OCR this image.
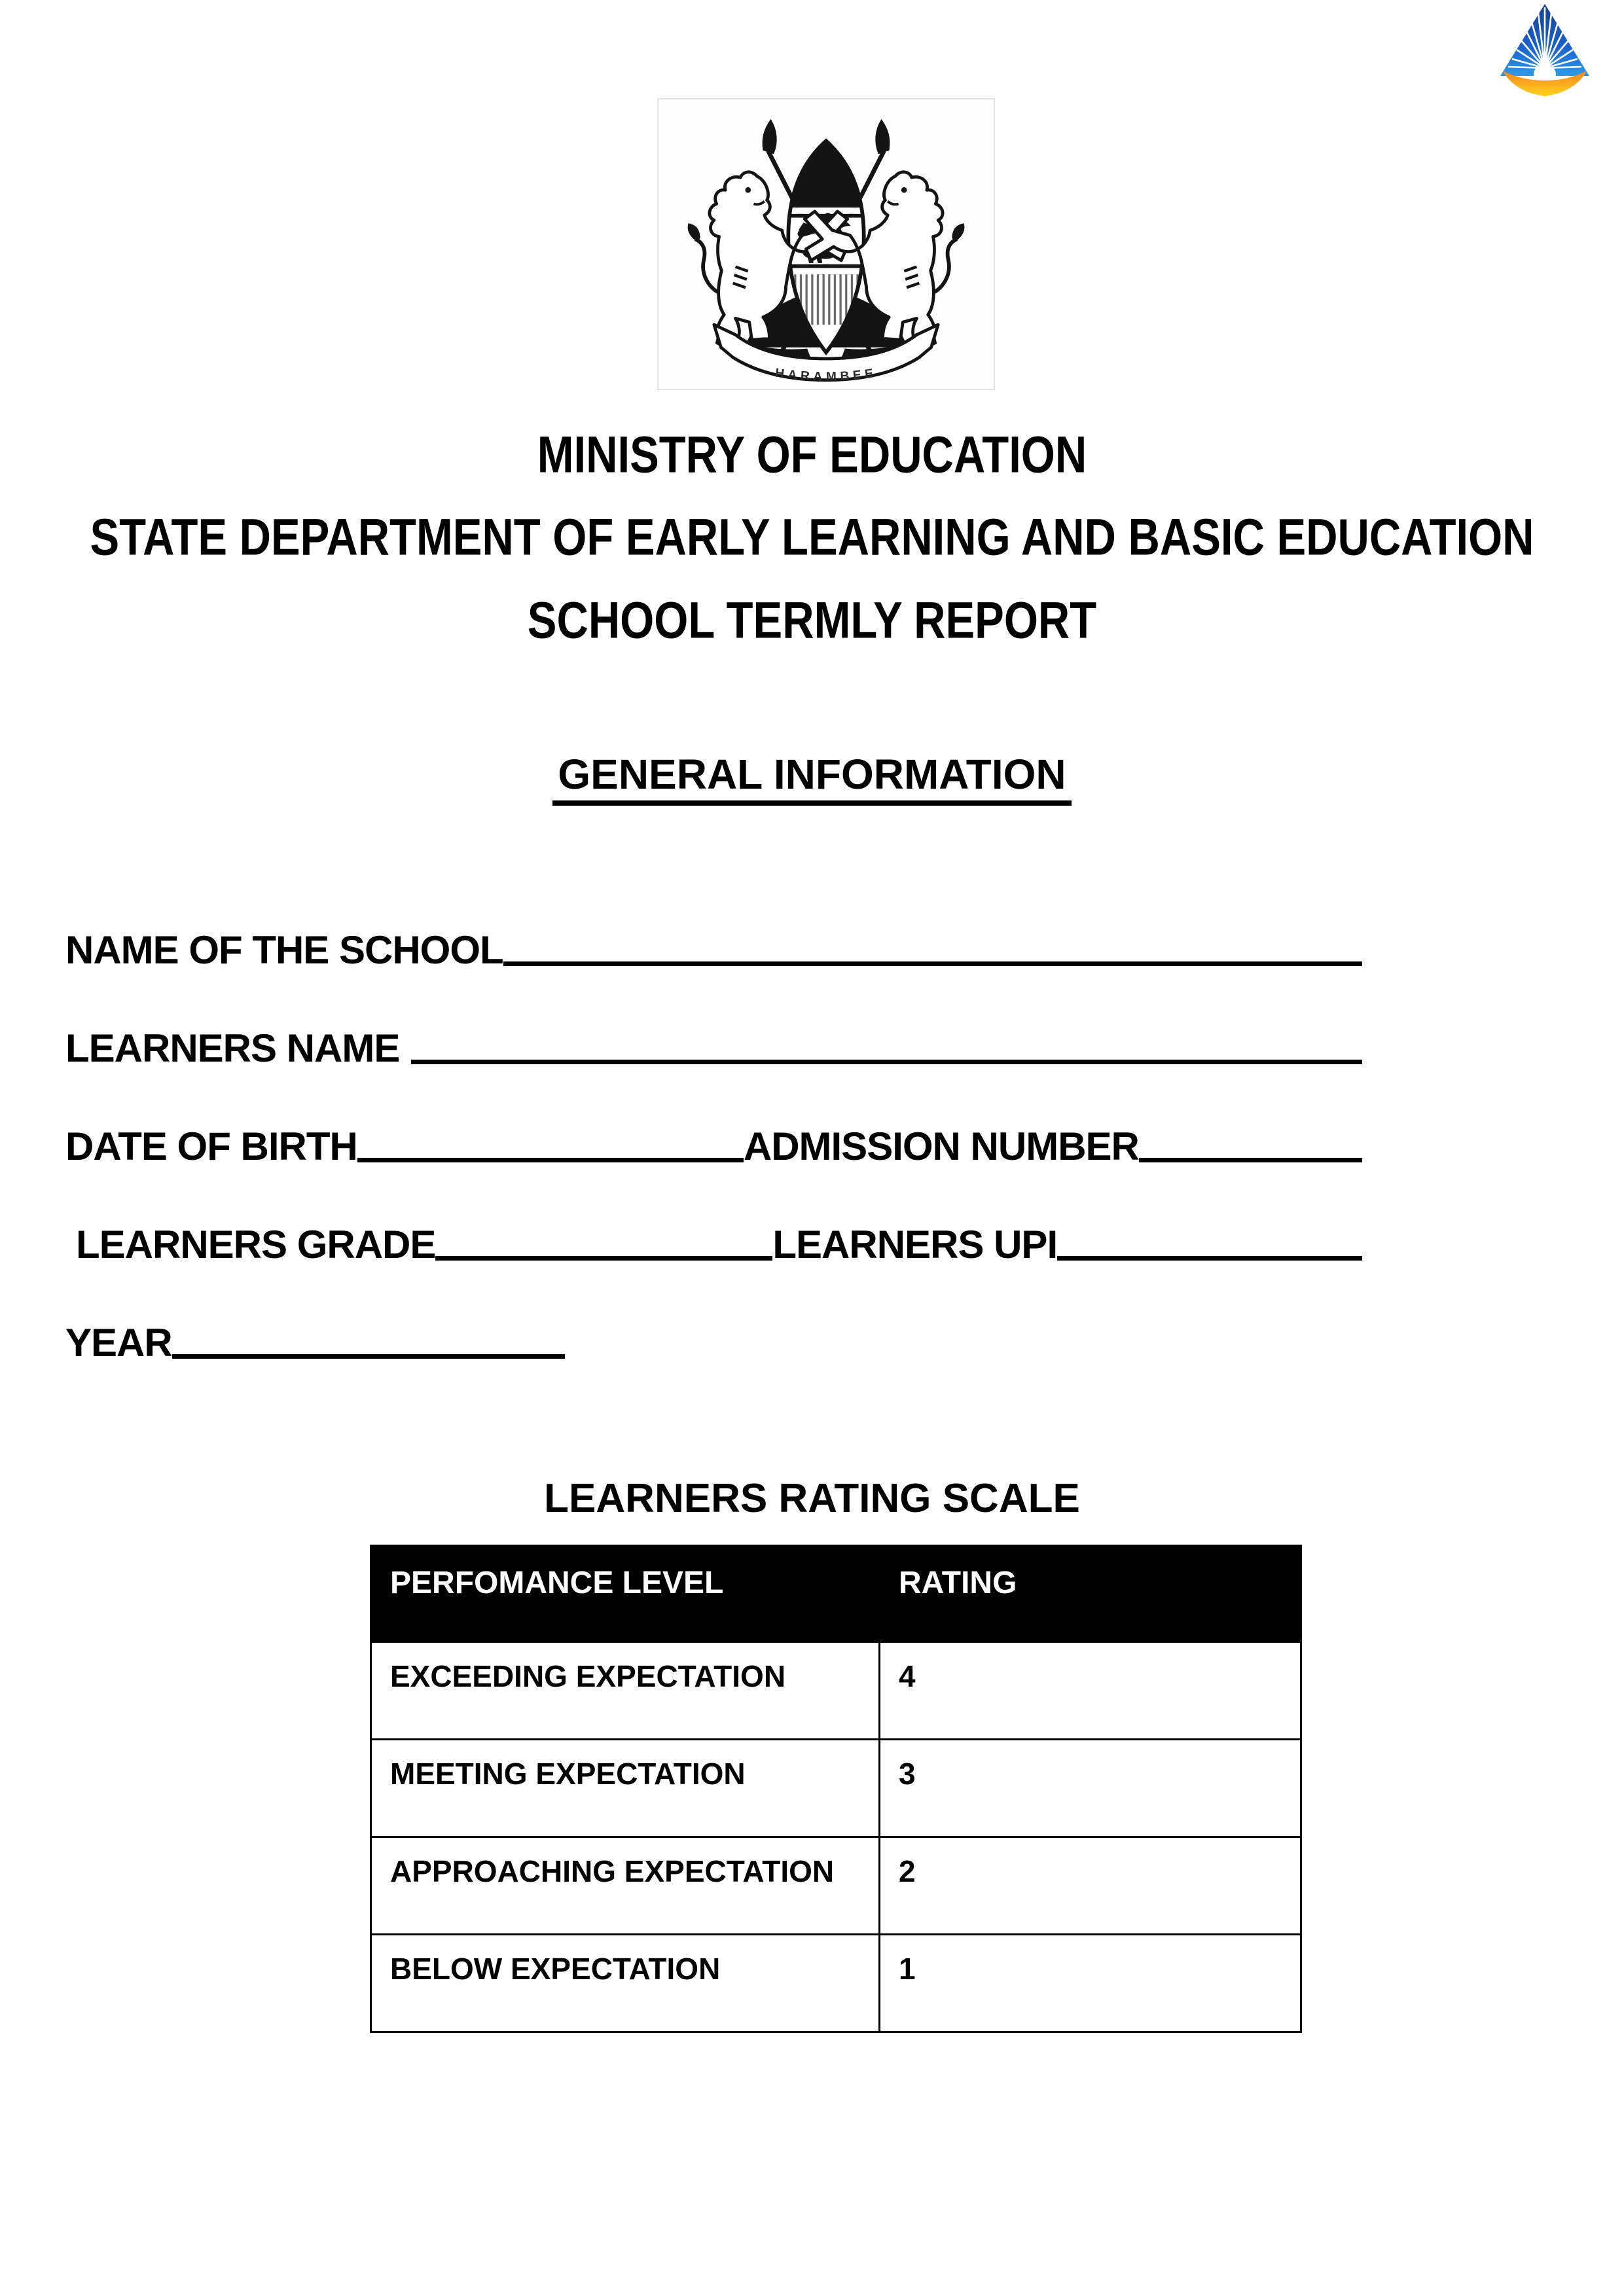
HARAMBEE
MINISTRY OF EDUCATION
STATE DEPARTMENT OF EARLY LEARNING AND BASIC EDUCATION
SCHOOL TERMLY REPORT
GENERAL INFORMATION
NAME OF THE SCHOOL
LEARNERS NAME
DATE OF BIRTH	ADMISSION NUMBER
LEARNERS GRADE	LEARNERS UPI
YEAR
LEARNERS RATING SCALE
PERFOMANCE LEVEL	RATING
EXCEEDING EXPECTATION	4
MEETING EXPECTATION	3
APPROACHING EXPECTATION	2
BELOW EXPECTATION	1
